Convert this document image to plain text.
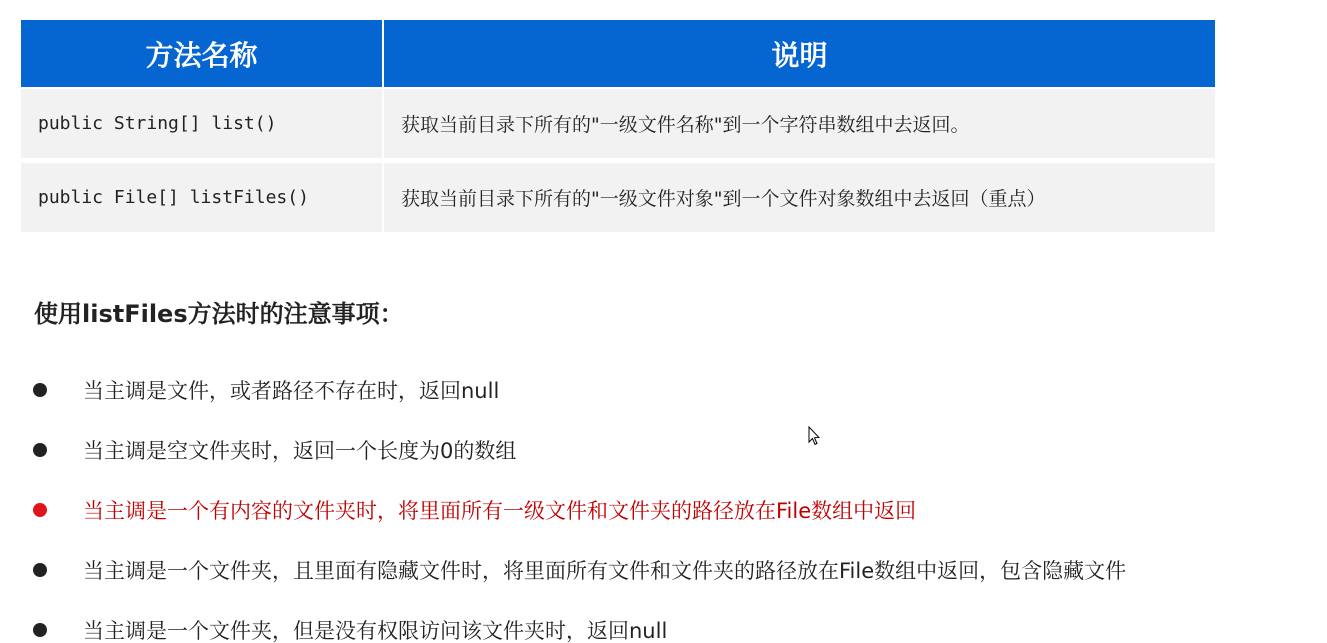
方法名称	说明
public String[] list()	获取当前目录下所有的"一级文件名称"到一个字符串数组中去返回。
public File[] listFiles()	获取当前目录下所有的"一级文件对象"到一个文件对象数组中去返回（重点）
使用listFiles方法时的注意事项：
当主调是文件，或者路径不存在时，返回null
当主调是空文件夹时，返回一个长度为0的数组
当主调是一个有内容的文件夹时，将里面所有一级文件和文件夹的路径放在File数组中返回
当主调是一个文件夹，且里面有隐藏文件时，将里面所有文件和文件夹的路径放在File数组中返回，包含隐藏文件
当主调是一个文件夹，但是没有权限访问该文件夹时，返回null
